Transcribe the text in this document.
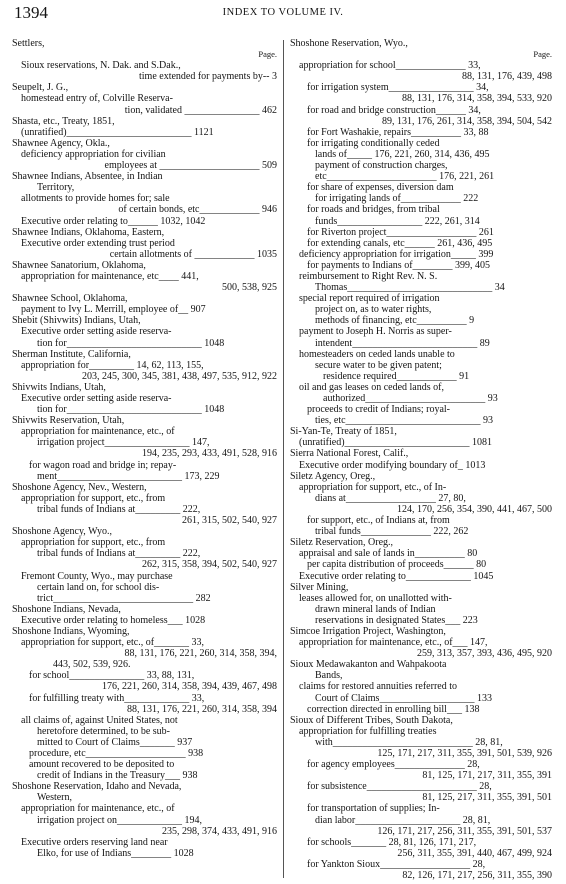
1394	INDEX TO VOLUME IV.
Settlers,
Page.
Sioux reservations, N. Dak. and S.Dak.,
time extended for payments by-- 3
Seupelt, J. G.,
homestead entry of, Colville Reserva-
tion, validated _______________ 462
Shasta, etc., Treaty, 1851,
(unratified)_________________________ 1121
Shawnee Agency, Okla.,
deficiency appropriation for civilian
employees at ____________________ 509
Shawnee Indians, Absentee, in Indian
Territory,
allotments to provide homes for; sale
of certain bonds, etc____________ 946
Executive order relating to______ 1032, 1042
Shawnee Indians, Oklahoma, Eastern,
Executive order extending trust period
certain allotments of ____________ 1035
Shawnee Sanatorium, Oklahoma,
appropriation for maintenance, etc____ 441,
500, 538, 925
Shawnee School, Oklahoma,
payment to Ivy L. Merrill, employee of__ 907
Shebit (Shivwits) Indians, Utah,
Executive order setting aside reserva-
tion for___________________________ 1048
Sherman Institute, California,
appropriation for_________ 14, 62, 113, 155,
203, 245, 300, 345, 381, 438, 497, 535, 912, 922
Shivwits Indians, Utah,
Executive order setting aside reserva-
tion for___________________________ 1048
Shivwits Reservation, Utah,
appropriation for maintenance, etc., of
irrigation project_________________ 147,
194, 235, 293, 433, 491, 528, 916
for wagon road and bridge in; repay-
ment_________________________ 173, 229
Shoshone Agency, Nev., Western,
appropriation for support, etc., from
tribal funds of Indians at_________ 222,
261, 315, 502, 540, 927
Shoshone Agency, Wyo.,
appropriation for support, etc., from
tribal funds of Indians at_________ 222,
262, 315, 358, 394, 502, 540, 927
Fremont County, Wyo., may purchase
certain land on, for school dis-
trict____________________________ 282
Shoshone Indians, Nevada,
Executive order relating to homeless___ 1028
Shoshone Indians, Wyoming,
appropriation for support, etc., of_______ 33,
88, 131, 176, 221, 260, 314, 358, 394,
443, 502, 539, 926.
for school_______________ 33, 88, 131,
176, 221, 260, 314, 358, 394, 439, 467, 498
for fulfilling treaty with_____________ 33,
88, 131, 176, 221, 260, 314, 358, 394
all claims of, against United States, not
heretofore determined, to be sub-
mitted to Court of Claims_______ 937
procedure, etc____________________ 938
amount recovered to be deposited to
credit of Indians in the Treasury___ 938
Shoshone Reservation, Idaho and Nevada,
Western,
appropriation for maintenance, etc., of
irrigation project on_____________ 194,
235, 298, 374, 433, 491, 916
Executive orders reserving land near
Elko, for use of Indians________ 1028
Shoshone Reservation, Wyo.,
Page.
appropriation for school______________ 33,
88, 131, 176, 439, 498
for irrigation system_________________ 34,
88, 131, 176, 314, 358, 394, 533, 920
for road and bridge construction______ 34,
89, 131, 176, 261, 314, 358, 394, 504, 542
for Fort Washakie, repairs__________ 33, 88
for irrigating conditionally ceded
lands of_____ 176, 221, 260, 314, 436, 495
payment of construction charges,
etc______________________ 176, 221, 261
for share of expenses, diversion dam
for irrigating lands of____________ 222
for roads and bridges, from tribal
funds_________________ 222, 261, 314
for Riverton project__________________ 261
for extending canals, etc______ 261, 436, 495
deficiency appropriation for irrigation_____ 399
for payments to Indians of________ 399, 405
reimbursement to Right Rev. N. S.
Thomas_____________________________ 34
special report required of irrigation
project on, as to water rights,
methods of financing, etc__________ 9
payment to Joseph H. Norris as super-
intendent_________________________ 89
homesteaders on ceded lands unable to
secure water to be given patent;
residence required____________ 91
oil and gas leases on ceded lands of,
authorized________________________ 93
proceeds to credit of Indians; royal-
ties, etc___________________________ 93
Si-Yan-Te, Treaty of 1851,
(unratified)_________________________ 1081
Sierra National Forest, Calif.,
Executive order modifying boundary of_ 1013
Siletz Agency, Oreg.,
appropriation for support, etc., of In-
dians at__________________ 27, 80,
124, 170, 256, 354, 390, 441, 467, 500
for support, etc., of Indians at, from
tribal funds______________ 222, 262
Siletz Reservation, Oreg.,
appraisal and sale of lands in__________ 80
per capita distribution of proceeds______ 80
Executive order relating to_____________ 1045
Silver Mining,
leases allowed for, on unallotted with-
drawn mineral lands of Indian
reservations in designated States___ 223
Simcoe Irrigation Project, Washington,
appropriation for maintenance, etc., of___ 147,
259, 313, 357, 393, 436, 495, 920
Sioux Medawakanton and Wahpakoota
Bands,
claims for restored annuities referred to
Court of Claims___________________ 133
correction directed in enrolling bill___ 138
Sioux of Different Tribes, South Dakota,
appropriation for fulfilling treaties
with____________________________ 28, 81,
125, 171, 217, 311, 355, 391, 501, 539, 926
for agency employees______________ 28,
81, 125, 171, 217, 311, 355, 391
for subsistence______________________ 28,
81, 125, 217, 311, 355, 391, 501
for transportation of supplies; In-
dian labor_____________________ 28, 81,
126, 171, 217, 256, 311, 355, 391, 501, 537
for schools_______ 28, 81, 126, 171, 217,
256, 311, 355, 391, 440, 467, 499, 924
for Yankton Sioux__________________ 28,
82, 126, 171, 217, 256, 311, 355, 390
